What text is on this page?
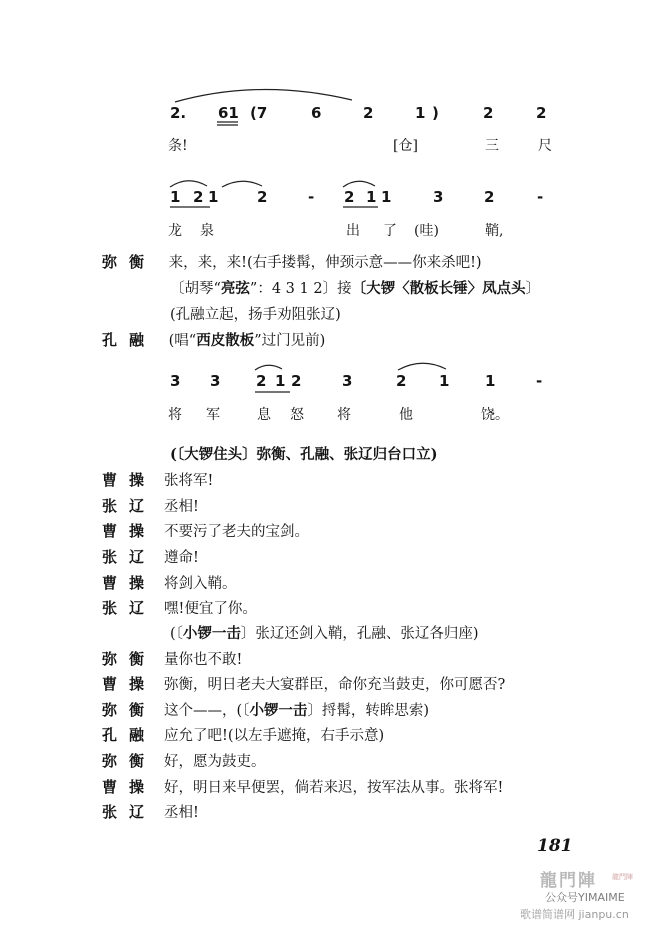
2. 61 (7	6	2	1 )	2	2
条!	[仓]	三	尺
1 2 1	2	- 2 1 1	3	2	-
龙 泉	出 了 (哇)	鞘,
弥衡 来，来，来!(右手搂髯，伸颈示意——你来杀吧!)
〔胡琴“亮弦”：4 3 1 2〕接〔大锣〈散板长锤〉凤点头〕
(孔融立起，扬手劝阻张辽)
孔融 (唱“西皮散板”过门见前)
3 3 2 1 2	3	2 1 1	-
将 军	息 怒 将	他	饶。
(〔大锣住头〕弥衡、孔融、张辽归台口立)
曹操 张将军!
张辽 丞相!
曹操 不要污了老夫的宝剑。
张辽 遵命!
曹操 将剑入鞘。
张辽 嘿!便宜了你。
(〔小锣一击〕张辽还剑入鞘，孔融、张辽各归座)
弥衡 量你也不敢!
曹操 弥衡，明日老夫大宴群臣，命你充当鼓吏，你可愿否?
弥衡 这个——，(〔小锣一击〕捋髯，转眸思索)
孔融 应允了吧!(以左手遮掩，右手示意)
弥衡 好，愿为鼓吏。
曹操 好，明日来早便罢，倘若来迟，按军法从事。张将军!
张辽 丞相!
181
龍門陣 龍門陣
公众号YIMAIME
歌谱简谱网 jianpu.cn
